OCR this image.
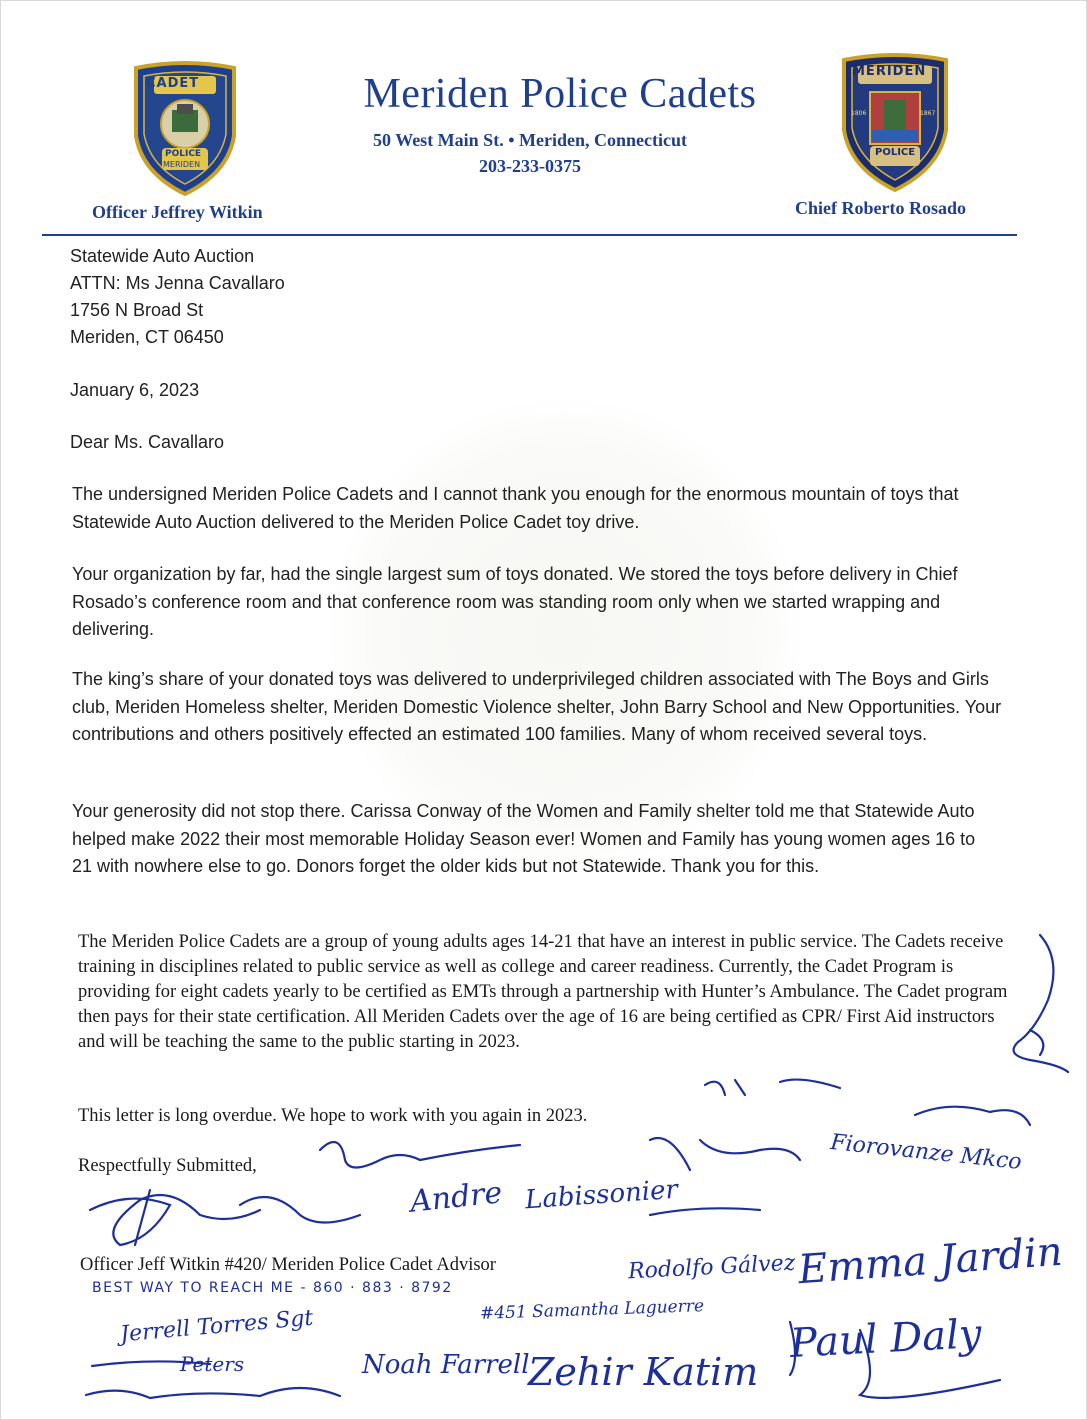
CADET
POLICE
MERIDEN
MERIDEN
POLICE
1806	1867
Meriden Police Cadets
50 West Main St. • Meriden, Connecticut
203-233-0375
Officer Jeffrey Witkin	Chief Roberto Rosado
Statewide Auto Auction
ATTN: Ms Jenna Cavallaro
1756 N Broad St
Meriden, CT 06450
January 6, 2023
Dear Ms. Cavallaro

The undersigned Meriden Police Cadets and I cannot thank you enough for the enormous mountain of toys that Statewide Auto Auction delivered to the Meriden Police Cadet toy drive.

Your organization by far, had the single largest sum of toys donated. We stored the toys before delivery in Chief Rosado’s conference room and that conference room was standing room only when we started wrapping and delivering.

The king’s share of your donated toys was delivered to underprivileged children associated with The Boys and Girls club, Meriden Homeless shelter, Meriden Domestic Violence shelter, John Barry School and New Opportunities. Your contributions and others positively effected an estimated 100 families. Many of whom received several toys.

Your generosity did not stop there. Carissa Conway of the Women and Family shelter told me that Statewide Auto helped make 2022 their most memorable Holiday Season ever! Women and Family has young women ages 16 to 21 with nowhere else to go. Donors forget the older kids but not Statewide. Thank you for this.

The Meriden Police Cadets are a group of young adults ages 14-21 that have an interest in public service. The Cadets receive training in disciplines related to public service as well as college and career readiness. Currently, the Cadet Program is providing for eight cadets yearly to be certified as EMTs through a partnership with Hunter’s Ambulance. The Cadet program then pays for their state certification. All Meriden Cadets over the age of 16 are being certified as CPR/ First Aid instructors and will be teaching the same to the public starting in 2023.

This letter is long overdue. We hope to work with you again in 2023.
Respectfully Submitted,
Officer Jeff Witkin #420/ Meriden Police Cadet Advisor
Andre Labissonier
Fiorovanze Mkco
Rodolfo Gálvez Emma Jardin
#451 Samantha Laguerre
Jerrell Torres Sgt
Peters	Noah Farrell
Zehir Katim
Paul Daly
BEST WAY TO REACH ME - 860 · 883 · 8792
